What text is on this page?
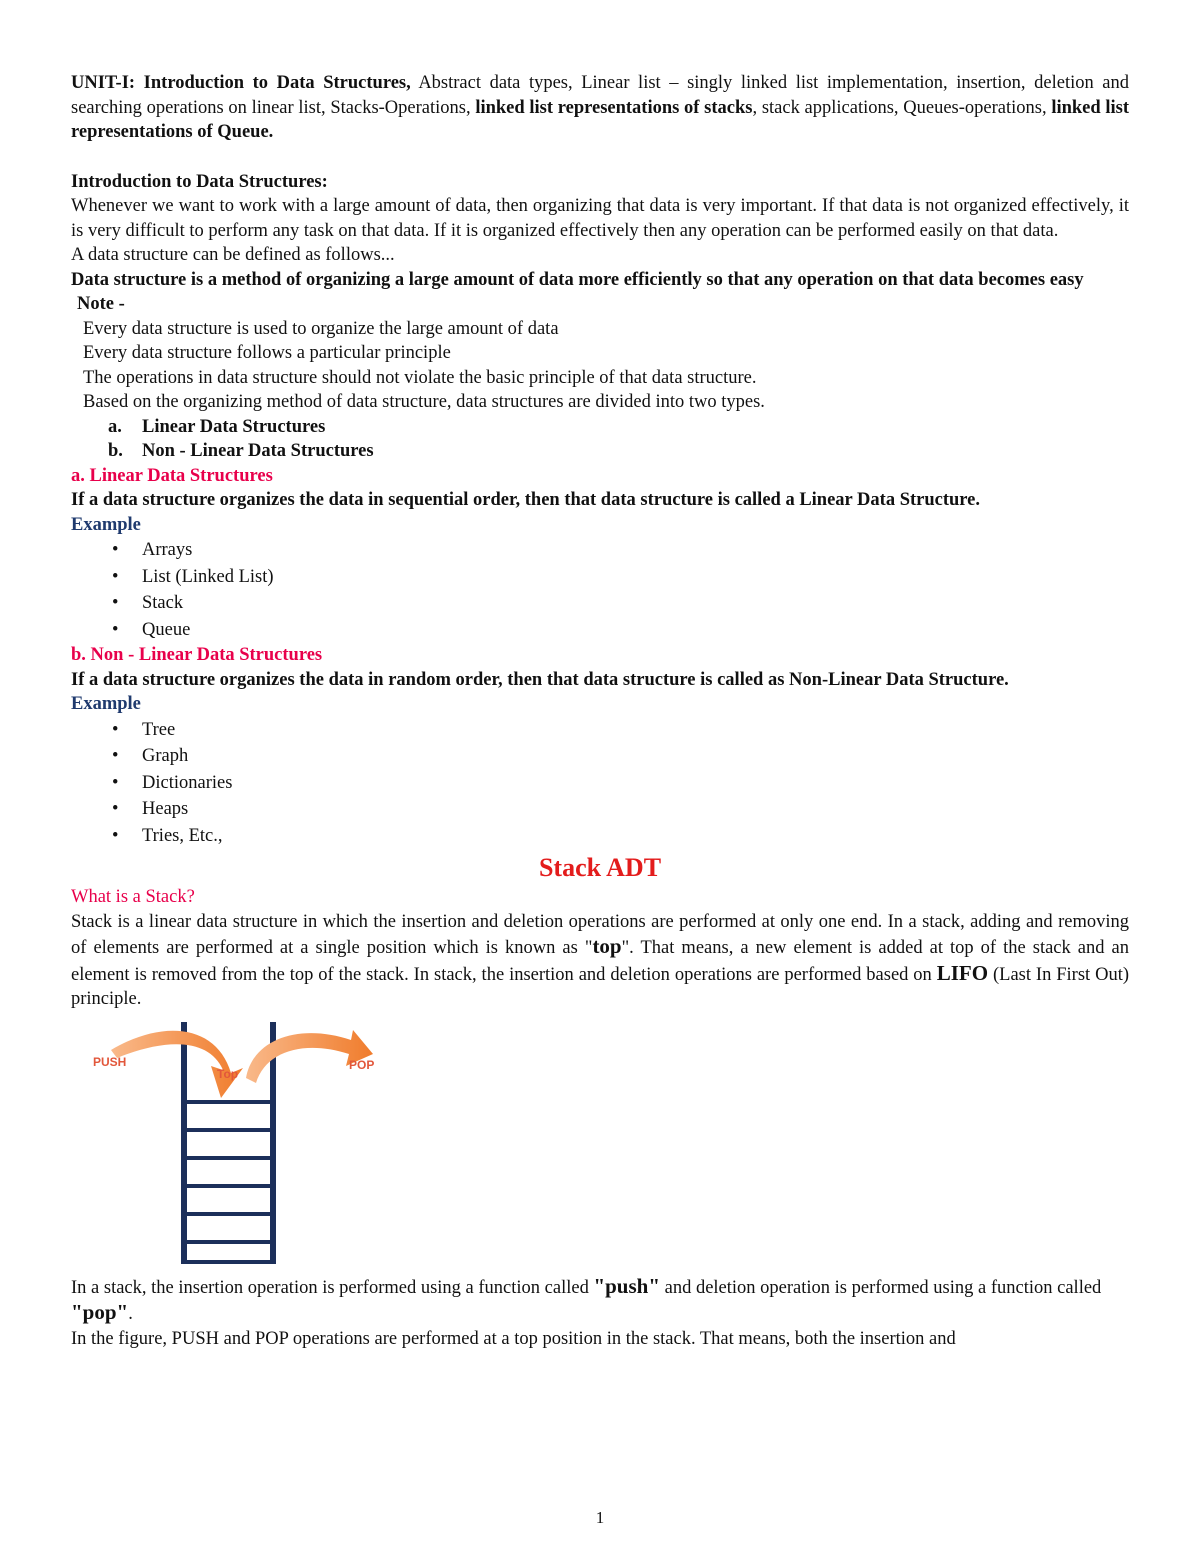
UNIT-I: Introduction to Data Structures, Abstract data types, Linear list – singly linked list implementation, insertion, deletion and searching operations on linear list, Stacks-Operations, linked list representations of stacks, stack applications, Queues-operations, linked list representations of Queue.

Introduction to Data Structures:

Whenever we want to work with a large amount of data, then organizing that data is very important. If that data is not organized effectively, it is very difficult to perform any task on that data. If it is organized effectively then any operation can be performed easily on that data.

A data structure can be defined as follows...

Data structure is a method of organizing a large amount of data more efficiently so that any operation on that data becomes easy

Note -

Every data structure is used to organize the large amount of data

Every data structure follows a particular principle

The operations in data structure should not violate the basic principle of that data structure.

Based on the organizing method of data structure, data structures are divided into two types.

a. Linear Data Structures
b. Non - Linear Data Structures

a. Linear Data Structures

If a data structure organizes the data in sequential order, then that data structure is called a Linear Data Structure.

Example

• Arrays
• List (Linked List)
• Stack
• Queue

b. Non - Linear Data Structures

If a data structure organizes the data in random order, then that data structure is called as Non-Linear Data Structure.

Example

• Tree
• Graph
• Dictionaries
• Heaps
• Tries, Etc.,

Stack ADT

What is a Stack?

Stack is a linear data structure in which the insertion and deletion operations are performed at only one end. In a stack, adding and removing of elements are performed at a single position which is known as "top". That means, a new element is added at top of the stack and an element is removed from the top of the stack. In stack, the insertion and deletion operations are performed based on LIFO (Last In First Out) principle.

PUSH
Top
POP

In a stack, the insertion operation is performed using a function called "push" and deletion operation is performed using a function called "pop".

In the figure, PUSH and POP operations are performed at a top position in the stack. That means, both the insertion and

1
